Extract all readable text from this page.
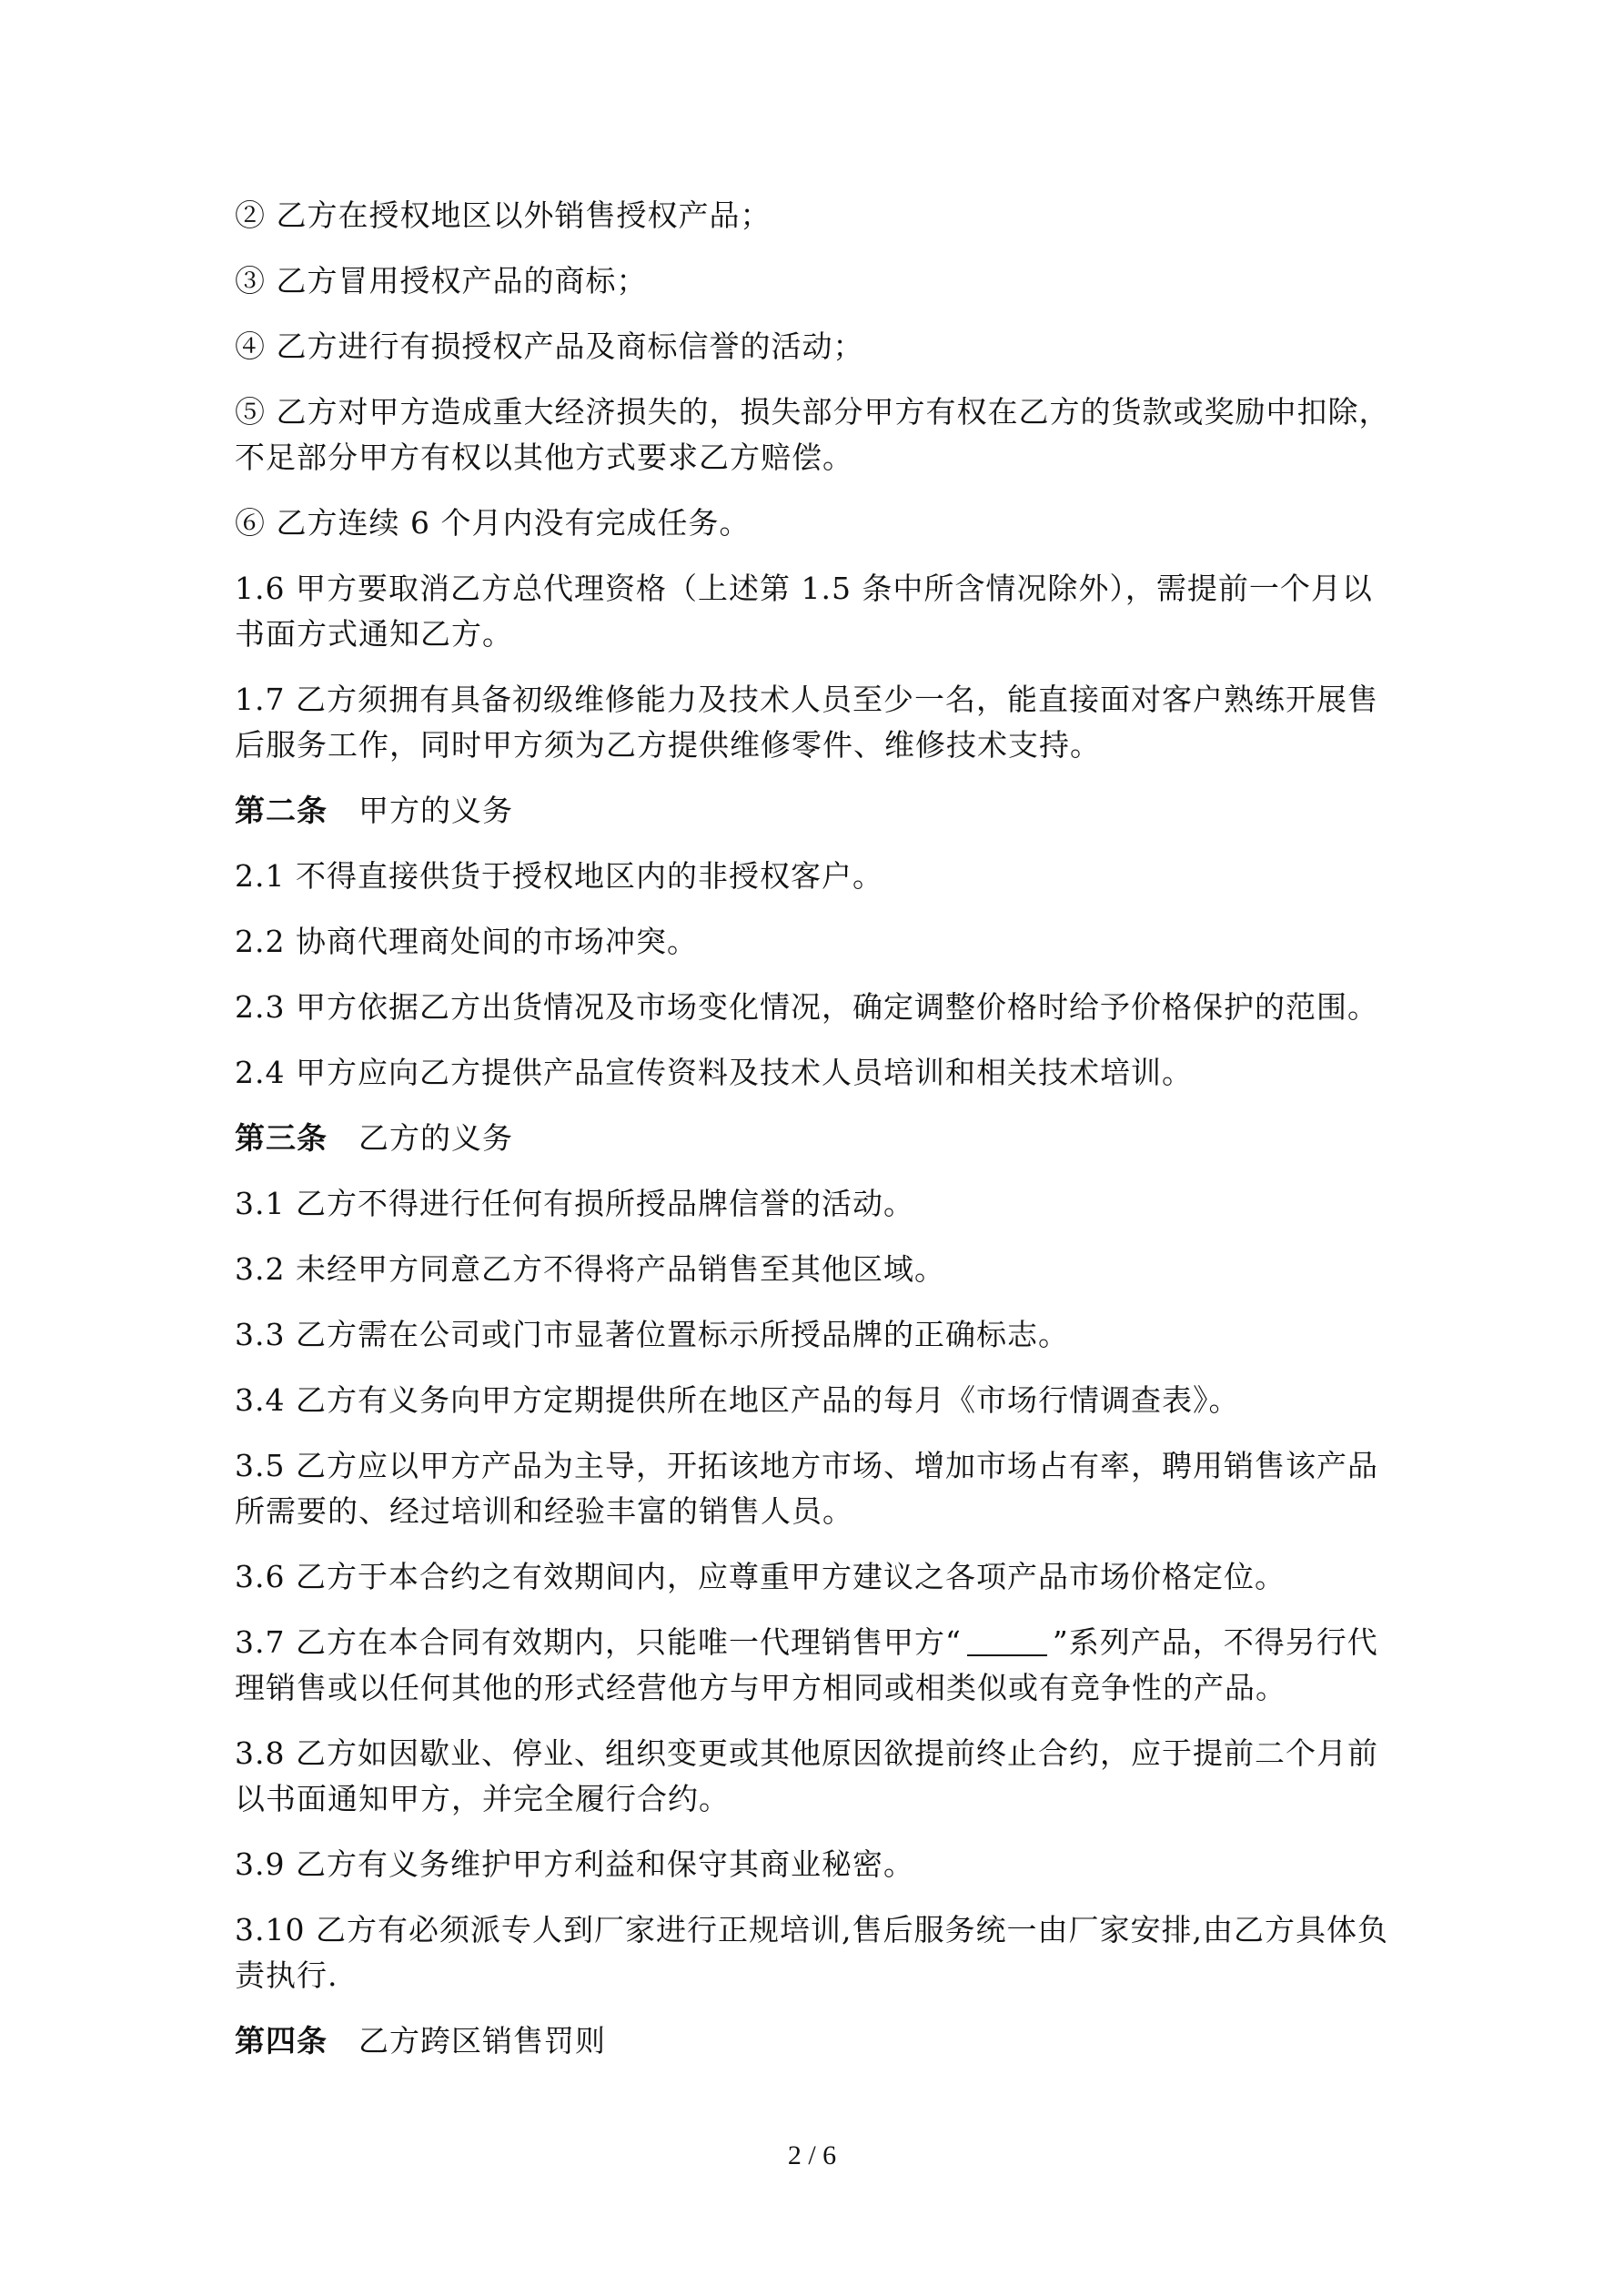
② 乙方在授权地区以外销售授权产品；

③ 乙方冒用授权产品的商标；

④ 乙方进行有损授权产品及商标信誉的活动；

⑤ 乙方对甲方造成重大经济损失的，损失部分甲方有权在乙方的货款或奖励中扣除，不足部分甲方有权以其他方式要求乙方赔偿。

⑥ 乙方连续 6 个月内没有完成任务。

1.6 甲方要取消乙方总代理资格（上述第 1.5 条中所含情况除外），需提前一个月以书面方式通知乙方。

1.7 乙方须拥有具备初级维修能力及技术人员至少一名，能直接面对客户熟练开展售后服务工作，同时甲方须为乙方提供维修零件、维修技术支持。

第二条 甲方的义务

2.1 不得直接供货于授权地区内的非授权客户。

2.2 协商代理商处间的市场冲突。

2.3 甲方依据乙方出货情况及市场变化情况，确定调整价格时给予价格保护的范围。

2.4 甲方应向乙方提供产品宣传资料及技术人员培训和相关技术培训。

第三条 乙方的义务

3.1 乙方不得进行任何有损所授品牌信誉的活动。

3.2 未经甲方同意乙方不得将产品销售至其他区域。

3.3 乙方需在公司或门市显著位置标示所授品牌的正确标志。

3.4 乙方有义务向甲方定期提供所在地区产品的每月《市场行情调查表》。

3.5 乙方应以甲方产品为主导，开拓该地方市场、增加市场占有率，聘用销售该产品所需要的、经过培训和经验丰富的销售人员。

3.6 乙方于本合约之有效期间内，应尊重甲方建议之各项产品市场价格定位。

3.7 乙方在本合同有效期内，只能唯一代理销售甲方“	”系列产品，不得另行代理销售或以任何其他的形式经营他方与甲方相同或相类似或有竞争性的产品。

3.8 乙方如因歇业、停业、组织变更或其他原因欲提前终止合约，应于提前二个月前以书面通知甲方，并完全履行合约。

3.9 乙方有义务维护甲方利益和保守其商业秘密。

3.10 乙方有必须派专人到厂家进行正规培训,售后服务统一由厂家安排,由乙方具体负责执行.

第四条 乙方跨区销售罚则

2 / 6
